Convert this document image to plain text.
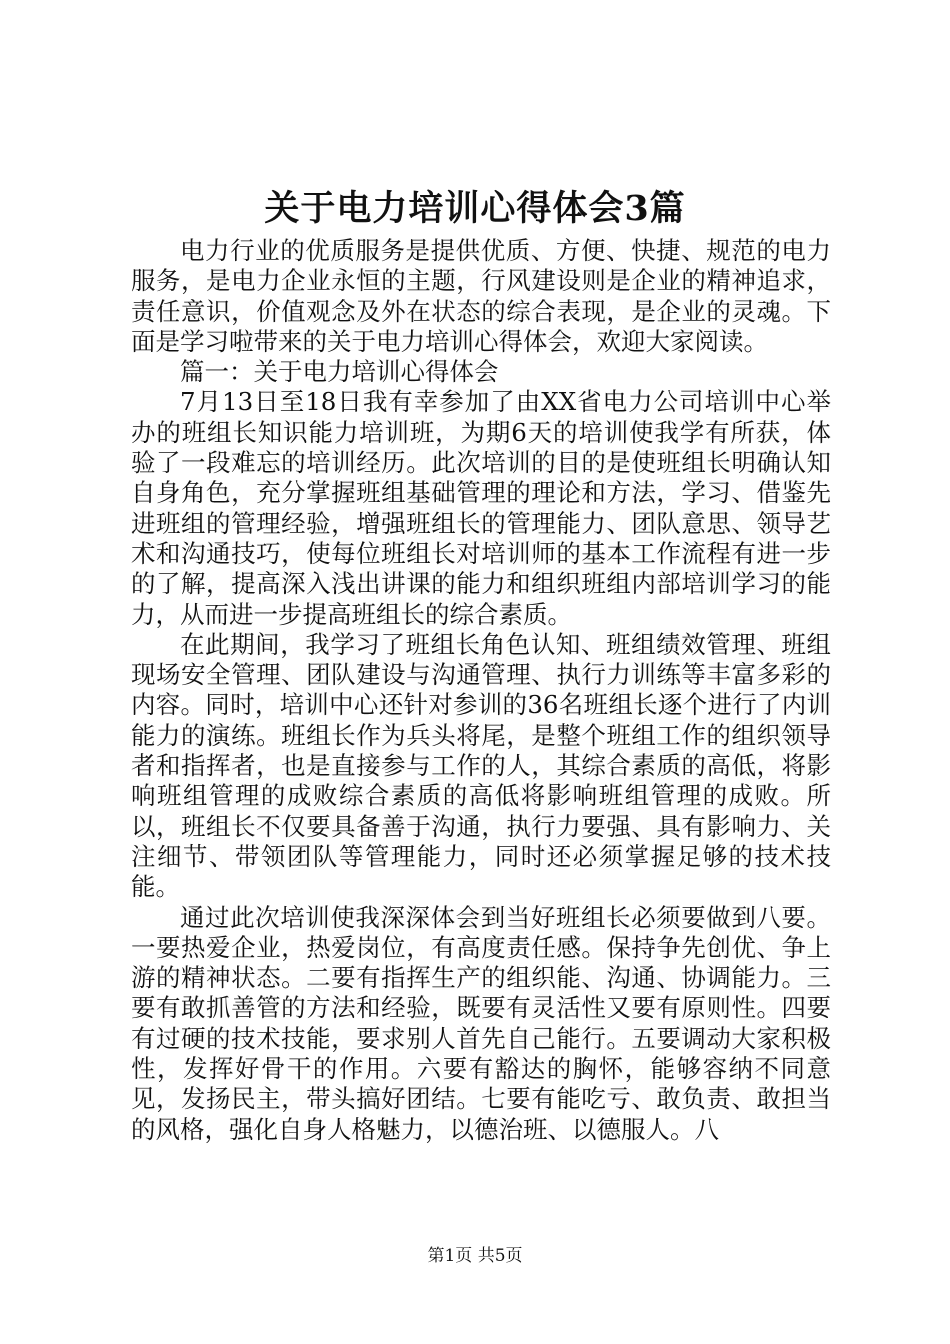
关于电力培训心得体会3篇

电力行业的优质服务是提供优质、方便、快捷、规范的电力服务，是电力企业永恒的主题，行风建设则是企业的精神追求，责任意识，价值观念及外在状态的综合表现，是企业的灵魂。下面是学习啦带来的关于电力培训心得体会，欢迎大家阅读。

篇一：关于电力培训心得体会

7月13日至18日我有幸参加了由XX省电力公司培训中心举办的班组长知识能力培训班，为期6天的培训使我学有所获，体验了一段难忘的培训经历。此次培训的目的是使班组长明确认知自身角色，充分掌握班组基础管理的理论和方法，学习、借鉴先进班组的管理经验，增强班组长的管理能力、团队意思、领导艺术和沟通技巧，使每位班组长对培训师的基本工作流程有进一步的了解，提高深入浅出讲课的能力和组织班组内部培训学习的能力，从而进一步提高班组长的综合素质。

在此期间，我学习了班组长角色认知、班组绩效管理、班组现场安全管理、团队建设与沟通管理、执行力训练等丰富多彩的内容。同时，培训中心还针对参训的36名班组长逐个进行了内训能力的演练。班组长作为兵头将尾，是整个班组工作的组织领导者和指挥者，也是直接参与工作的人，其综合素质的高低，将影响班组管理的成败综合素质的高低将影响班组管理的成败。所以，班组长不仅要具备善于沟通，执行力要强、具有影响力、关注细节、带领团队等管理能力，同时还必须掌握足够的技术技能。

通过此次培训使我深深体会到当好班组长必须要做到八要。一要热爱企业，热爱岗位，有高度责任感。保持争先创优、争上游的精神状态。二要有指挥生产的组织能、沟通、协调能力。三要有敢抓善管的方法和经验，既要有灵活性又要有原则性。四要有过硬的技术技能，要求别人首先自己能行。五要调动大家积极性，发挥好骨干的作用。六要有豁达的胸怀，能够容纳不同意见，发扬民主，带头搞好团结。七要有能吃亏、敢负责、敢担当的风格，强化自身人格魅力，以德治班、以德服人。八

第1页 共5页
